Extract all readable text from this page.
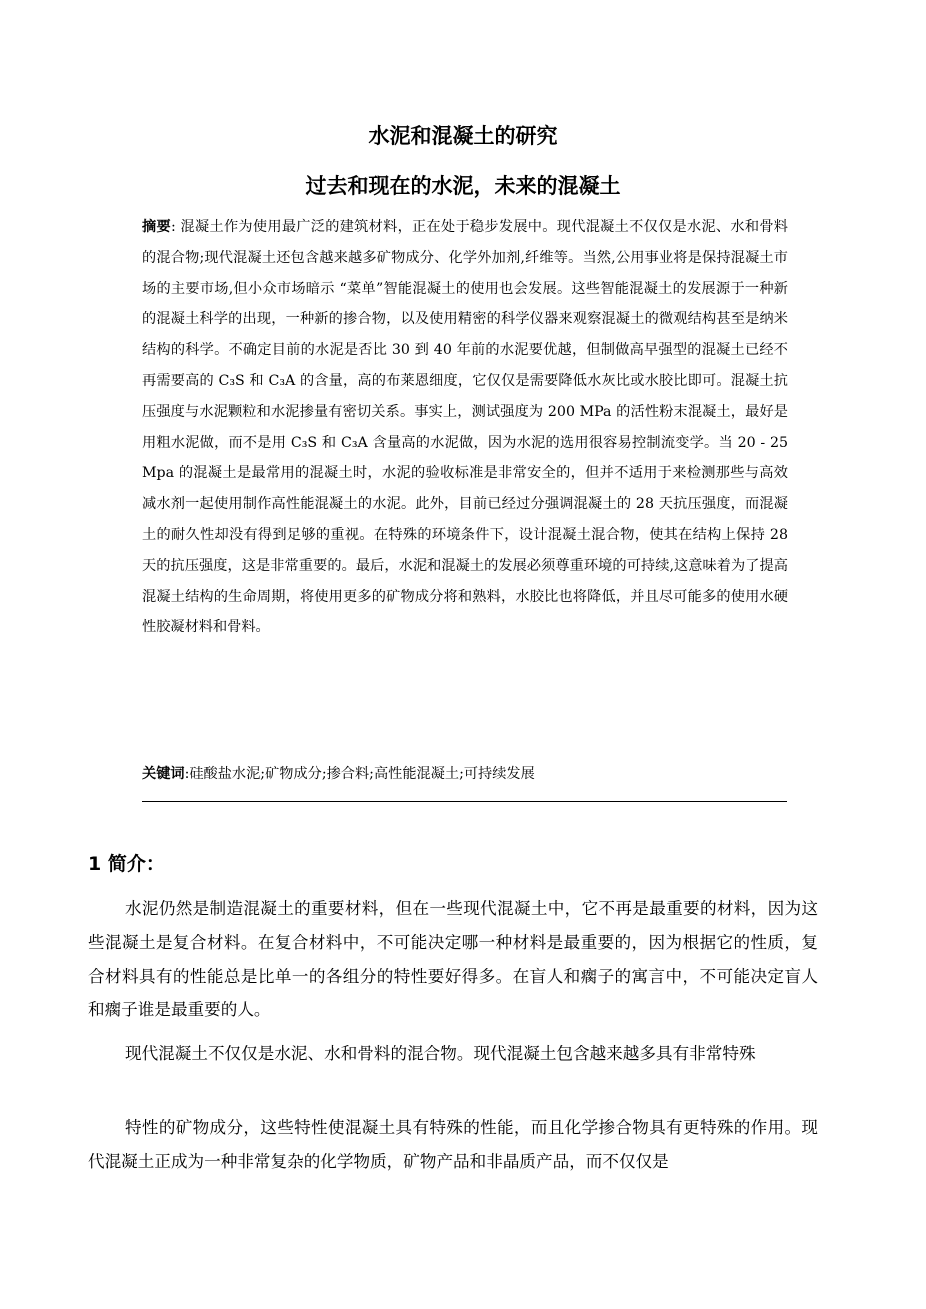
水泥和混凝土的研究
过去和现在的水泥，未来的混凝土

摘要: 混凝土作为使用最广泛的建筑材料，正在处于稳步发展中。现代混凝土不仅仅是水泥、水和骨料的混合物;现代混凝土还包含越来越多矿物成分、化学外加剂,纤维等。当然,公用事业将是保持混凝土市场的主要市场,但小众市场暗示 “菜单”智能混凝土的使用也会发展。这些智能混凝土的发展源于一种新的混凝土科学的出现，一种新的掺合物，以及使用精密的科学仪器来观察混凝土的微观结构甚至是纳米结构的科学。不确定目前的水泥是否比 30 到 40 年前的水泥要优越，但制做高早强型的混凝土已经不再需要高的 C₃S 和 C₃A 的含量，高的布莱恩细度，它仅仅是需要降低水灰比或水胶比即可。混凝土抗压强度与水泥颗粒和水泥掺量有密切关系。事实上，测试强度为 200 MPa 的活性粉末混凝土，最好是用粗水泥做，而不是用 C₃S 和 C₃A 含量高的水泥做，因为水泥的选用很容易控制流变学。当 20 - 25 Mpa 的混凝土是最常用的混凝土时，水泥的验收标准是非常安全的，但并不适用于来检测那些与高效减水剂一起使用制作高性能混凝土的水泥。此外，目前已经过分强调混凝土的 28 天抗压强度，而混凝土的耐久性却没有得到足够的重视。在特殊的环境条件下，设计混凝土混合物，使其在结构上保持 28 天的抗压强度，这是非常重要的。最后，水泥和混凝土的发展必须尊重环境的可持续,这意味着为了提高混凝土结构的生命周期，将使用更多的矿物成分将和熟料，水胶比也将降低，并且尽可能多的使用水硬性胶凝材料和骨料。

关键词:硅酸盐水泥;矿物成分;掺合料;高性能混凝土;可持续发展

1 简介：

水泥仍然是制造混凝土的重要材料，但在一些现代混凝土中，它不再是最重要的材料，因为这些混凝土是复合材料。在复合材料中，不可能决定哪一种材料是最重要的，因为根据它的性质，复合材料具有的性能总是比单一的各组分的特性要好得多。在盲人和瘸子的寓言中，不可能决定盲人和瘸子谁是最重要的人。

现代混凝土不仅仅是水泥、水和骨料的混合物。现代混凝土包含越来越多具有非常特殊

特性的矿物成分，这些特性使混凝土具有特殊的性能，而且化学掺合物具有更特殊的作用。现代混凝土正成为一种非常复杂的化学物质，矿物产品和非晶质产品，而不仅仅是
